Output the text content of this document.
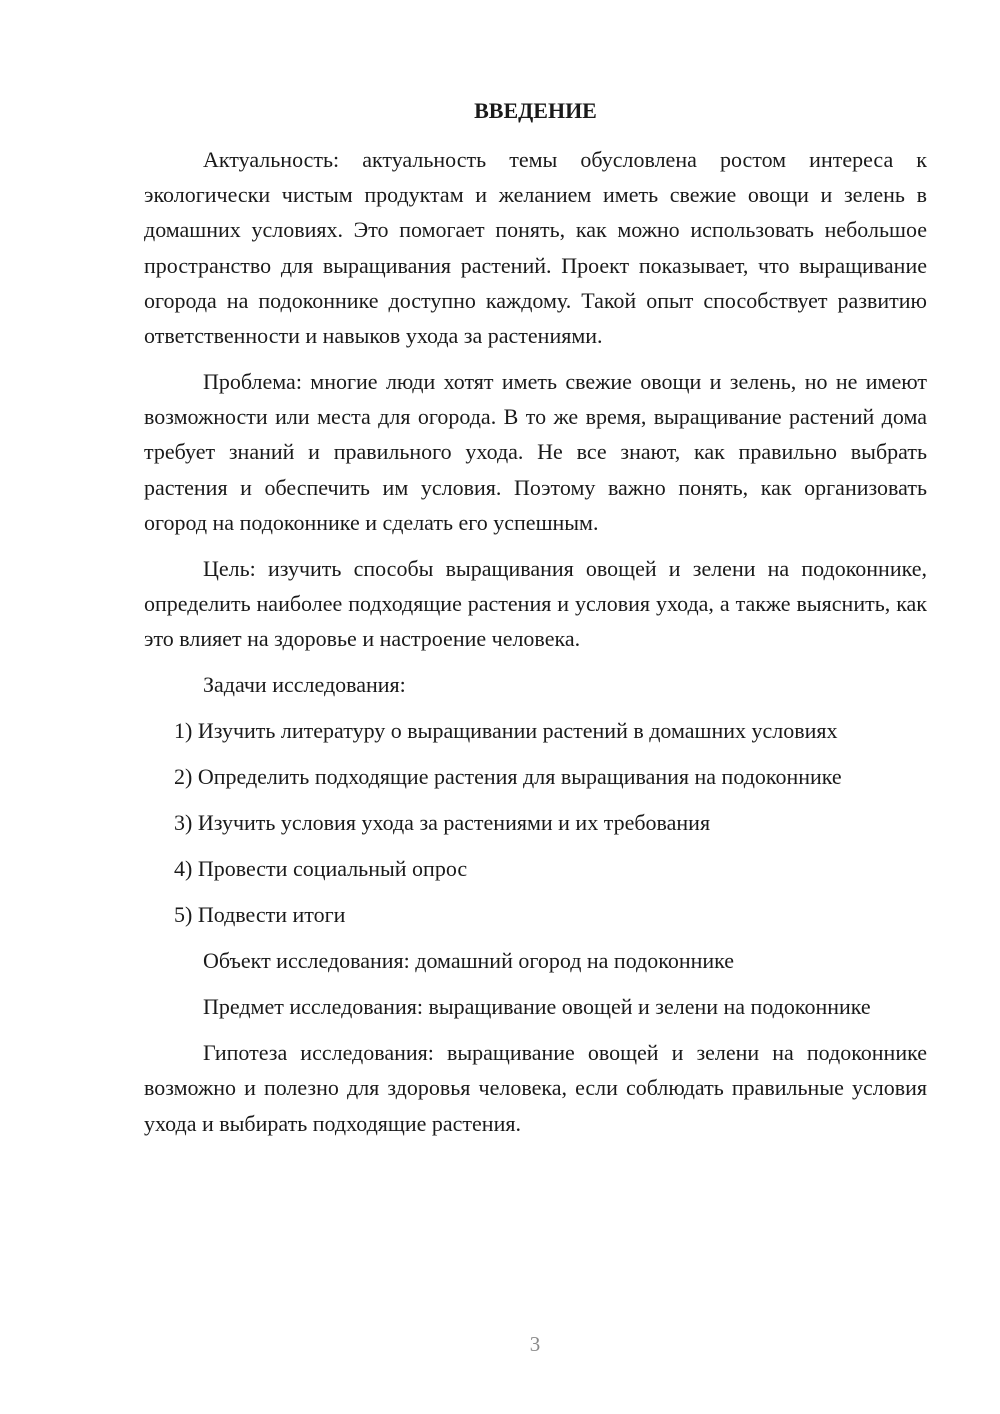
ВВЕДЕНИЕ

Актуальность: актуальность темы обусловлена ростом интереса к экологически чистым продуктам и желанием иметь свежие овощи и зелень в домашних условиях. Это помогает понять, как можно использовать небольшое пространство для выращивания растений. Проект показывает, что выращивание огорода на подоконнике доступно каждому. Такой опыт способствует развитию ответственности и навыков ухода за растениями.

Проблема: многие люди хотят иметь свежие овощи и зелень, но не имеют возможности или места для огорода. В то же время, выращивание растений дома требует знаний и правильного ухода. Не все знают, как правильно выбрать растения и обеспечить им условия. Поэтому важно понять, как организовать огород на подоконнике и сделать его успешным.

Цель: изучить способы выращивания овощей и зелени на подоконнике, определить наиболее подходящие растения и условия ухода, а также выяснить, как это влияет на здоровье и настроение человека.

Задачи исследования:

1) Изучить литературу о выращивании растений в домашних условиях

2) Определить подходящие растения для выращивания на подоконнике

3) Изучить условия ухода за растениями и их требования

4) Провести социальный опрос

5) Подвести итоги

Объект исследования: домашний огород на подоконнике

Предмет исследования: выращивание овощей и зелени на подоконнике

Гипотеза исследования: выращивание овощей и зелени на подоконнике возможно и полезно для здоровья человека, если соблюдать правильные условия ухода и выбирать подходящие растения.

3
